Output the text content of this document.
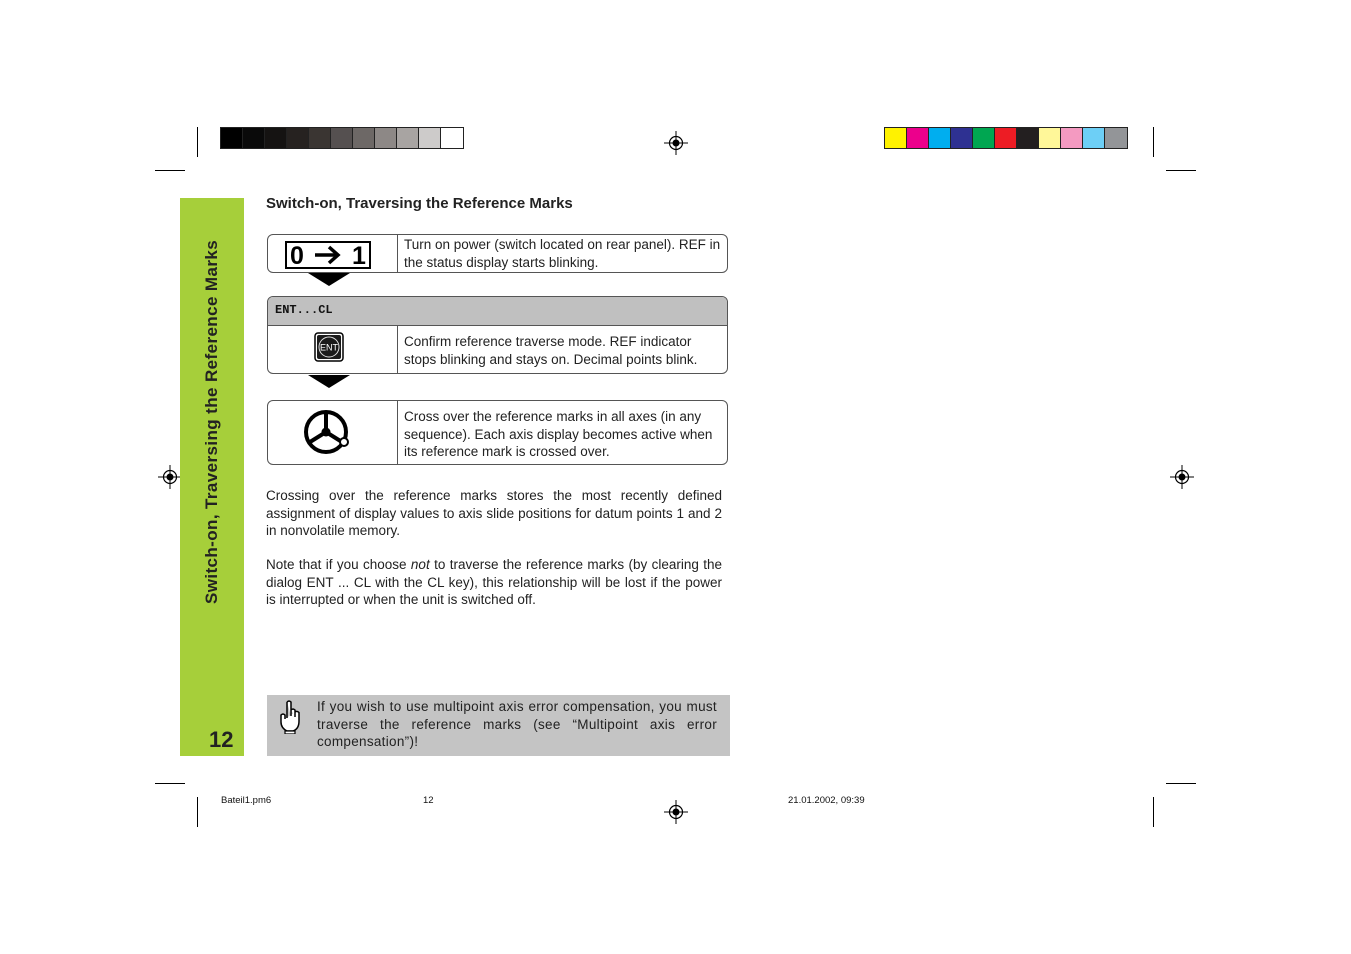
Switch-on, Traversing the Reference Marks
12
Switch-on, Traversing the Reference Marks
0 1	Turn on power (switch located on rear panel). REF in the status display starts blinking.
ENT...CL
ENT	Confirm reference traverse mode. REF indicator stops blinking and stays on. Decimal points blink.
Cross over the reference marks in all axes (in any sequence). Each axis display becomes active when its reference mark is crossed over.
Crossing over the reference marks stores the most recently defined assignment of display values to axis slide positions for datum points 1 and 2 in nonvolatile memory.
Note that if you choose not to traverse the reference marks (by clearing the dialog ENT ... CL with the CL key), this relationship will be lost if the power is interrupted or when the unit is switched off.
If you wish to use multipoint axis error compensation, you must traverse the reference marks (see “Multipoint axis error compensation”)!
Bateil1.pm6	12	21.01.2002, 09:39
